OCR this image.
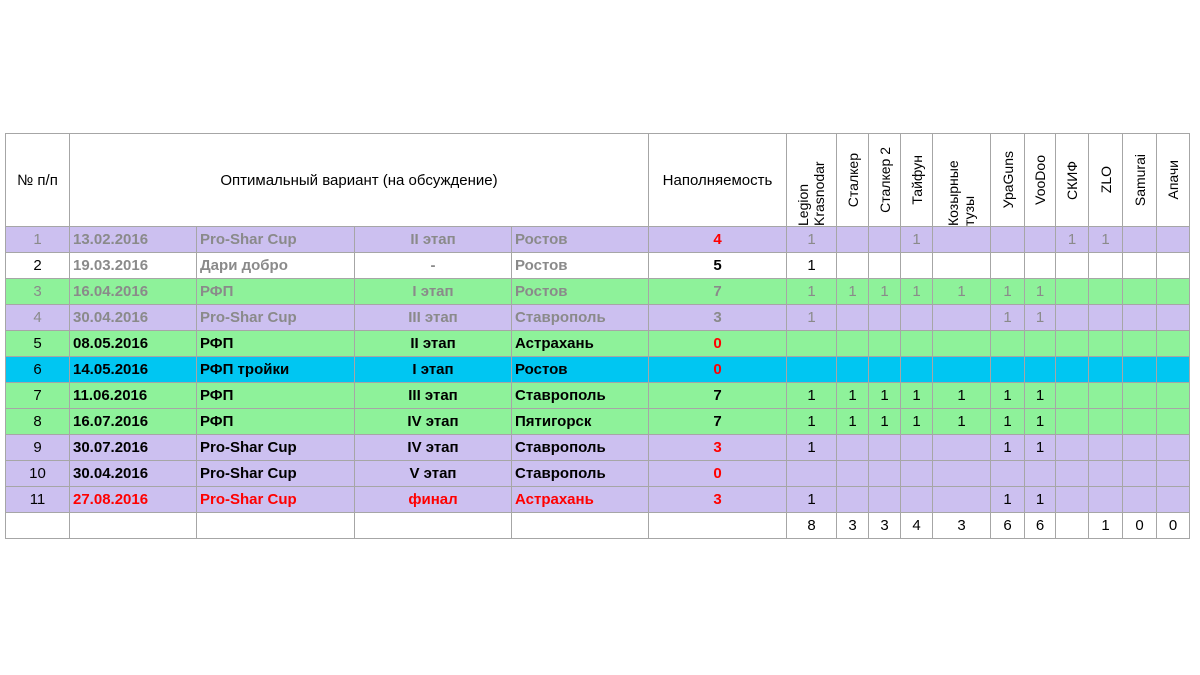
№ п/п	Оптимальный вариант (на обсуждение)				Наполняемость	Legion Krasnodar	Сталкер	Сталкер 2	Тайфун	Козырные тузы	УраGuns	VooDoo	СКИФ	ZLO	Samurai	Апачи

1	13.02.2016	Pro-Shar Cup	II этап	Ростов	4	1			1				1	1		
2	19.03.2016	Дари добро	-	Ростов	5	1										
3	16.04.2016	РФП	I этап	Ростов	7	1	1	1	1	1	1	1				
4	30.04.2016	Pro-Shar Cup	III этап	Ставрополь	3	1					1	1				
5	08.05.2016	РФП	II этап	Астрахань	0											
6	14.05.2016	РФП тройки	I этап	Ростов	0											
7	11.06.2016	РФП	III этап	Ставрополь	7	1	1	1	1	1	1	1				
8	16.07.2016	РФП	IV этап	Пятигорск	7	1	1	1	1	1	1	1				
9	30.07.2016	Pro-Shar Cup	IV этап	Ставрополь	3	1					1	1				
10	30.04.2016	Pro-Shar Cup	V этап	Ставрополь	0											
11	27.08.2016	Pro-Shar Cup	финал	Астрахань	3	1					1	1				
						8	3	3	4	3	6	6		1	0	0
